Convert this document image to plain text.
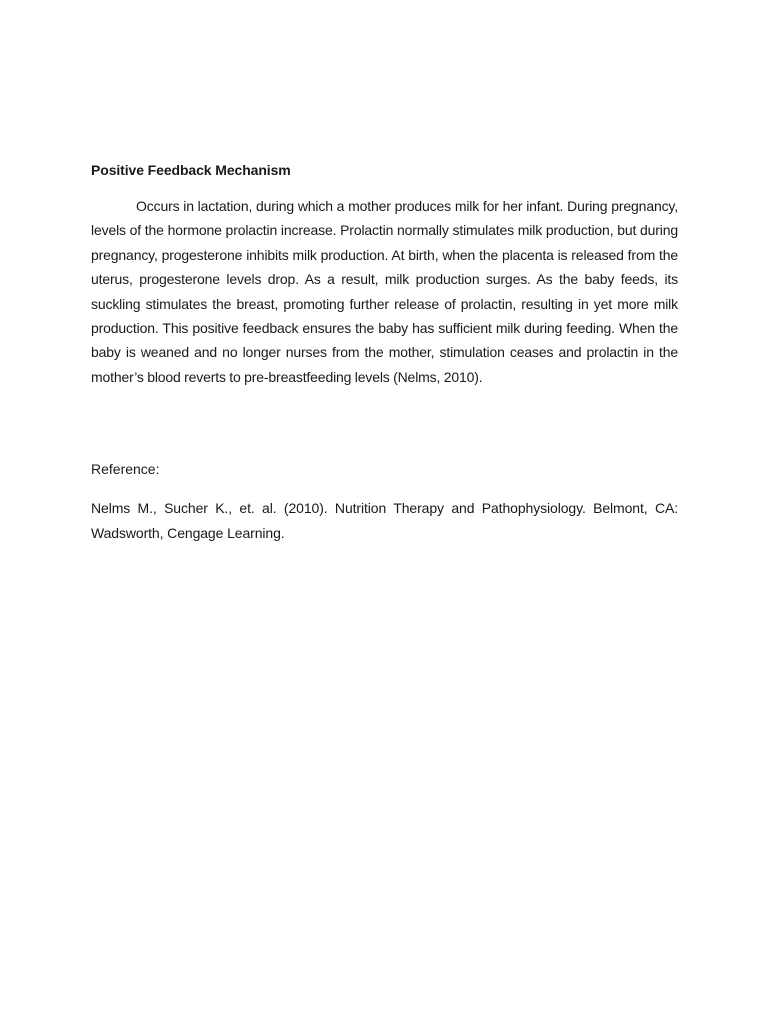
Positive Feedback Mechanism

Occurs in lactation, during which a mother produces milk for her infant. During pregnancy, levels of the hormone prolactin increase. Prolactin normally stimulates milk production, but during pregnancy, progesterone inhibits milk production. At birth, when the placenta is released from the uterus, progesterone levels drop. As a result, milk production surges. As the baby feeds, its suckling stimulates the breast, promoting further release of prolactin, resulting in yet more milk production. This positive feedback ensures the baby has sufficient milk during feeding. When the baby is weaned and no longer nurses from the mother, stimulation ceases and prolactin in the mother’s blood reverts to pre-breastfeeding levels (Nelms, 2010).

Reference:

Nelms M., Sucher K., et. al. (2010). Nutrition Therapy and Pathophysiology. Belmont, CA: Wadsworth, Cengage Learning.
